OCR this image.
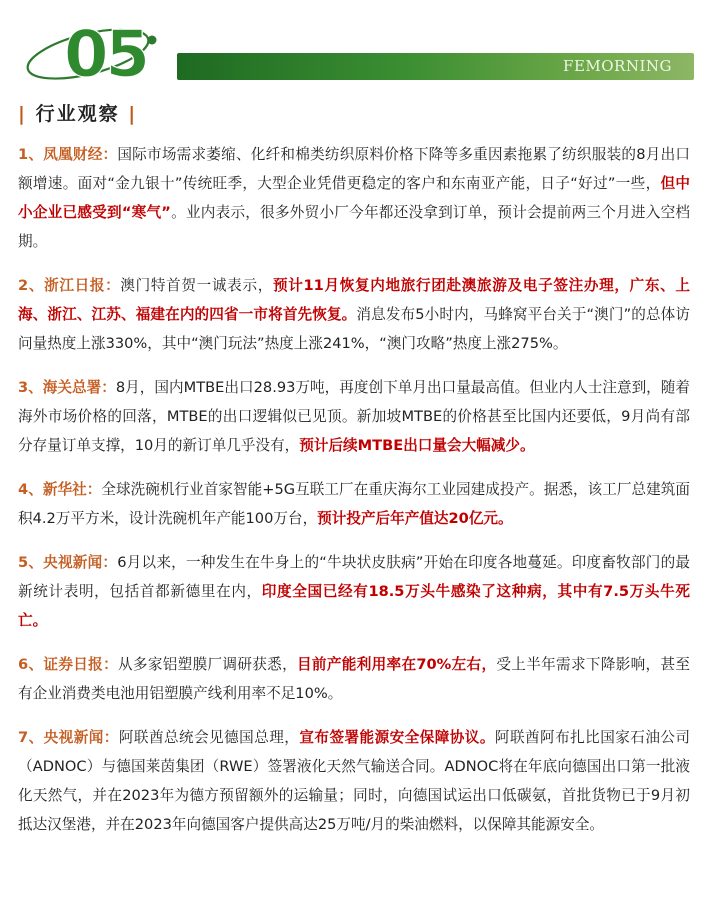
05	FEMORNING
| 行业观察 |

1、凤凰财经：国际市场需求萎缩、化纤和棉类纺织原料价格下降等多重因素拖累了纺织服装的8月出口额增速。面对“金九银十”传统旺季，大型企业凭借更稳定的客户和东南亚产能，日子“好过”一些，但中小企业已感受到“寒气”。业内表示，很多外贸小厂今年都还没拿到订单，预计会提前两三个月进入空档期。

2、浙江日报：澳门特首贺一诚表示，预计11月恢复内地旅行团赴澳旅游及电子签注办理，广东、上海、浙江、江苏、福建在内的四省一市将首先恢复。消息发布5小时内，马蜂窝平台关于“澳门”的总体访问量热度上涨330%，其中“澳门玩法”热度上涨241%，“澳门攻略”热度上涨275%。

3、海关总署：8月，国内MTBE出口28.93万吨，再度创下单月出口量最高值。但业内人士注意到，随着海外市场价格的回落，MTBE的出口逻辑似已见顶。新加坡MTBE的价格甚至比国内还要低，9月尚有部分存量订单支撑，10月的新订单几乎没有，预计后续MTBE出口量会大幅减少。

4、新华社：全球洗碗机行业首家智能+5G互联工厂在重庆海尔工业园建成投产。据悉，该工厂总建筑面积4.2万平方米，设计洗碗机年产能100万台，预计投产后年产值达20亿元。

5、央视新闻：6月以来，一种发生在牛身上的“牛块状皮肤病”开始在印度各地蔓延。印度畜牧部门的最新统计表明，包括首都新德里在内，印度全国已经有18.5万头牛感染了这种病，其中有7.5万头牛死亡。

6、证券日报：从多家铝塑膜厂调研获悉，目前产能利用率在70%左右，受上半年需求下降影响，甚至有企业消费类电池用铝塑膜产线利用率不足10%。

7、央视新闻：阿联酋总统会见德国总理，宣布签署能源安全保障协议。阿联酋阿布扎比国家石油公司（ADNOC）与德国莱茵集团（RWE）签署液化天然气输送合同。ADNOC将在年底向德国出口第一批液化天然气，并在2023年为德方预留额外的运输量；同时，向德国试运出口低碳氨，首批货物已于9月初抵达汉堡港，并在2023年向德国客户提供高达25万吨/月的柴油燃料，以保障其能源安全。
